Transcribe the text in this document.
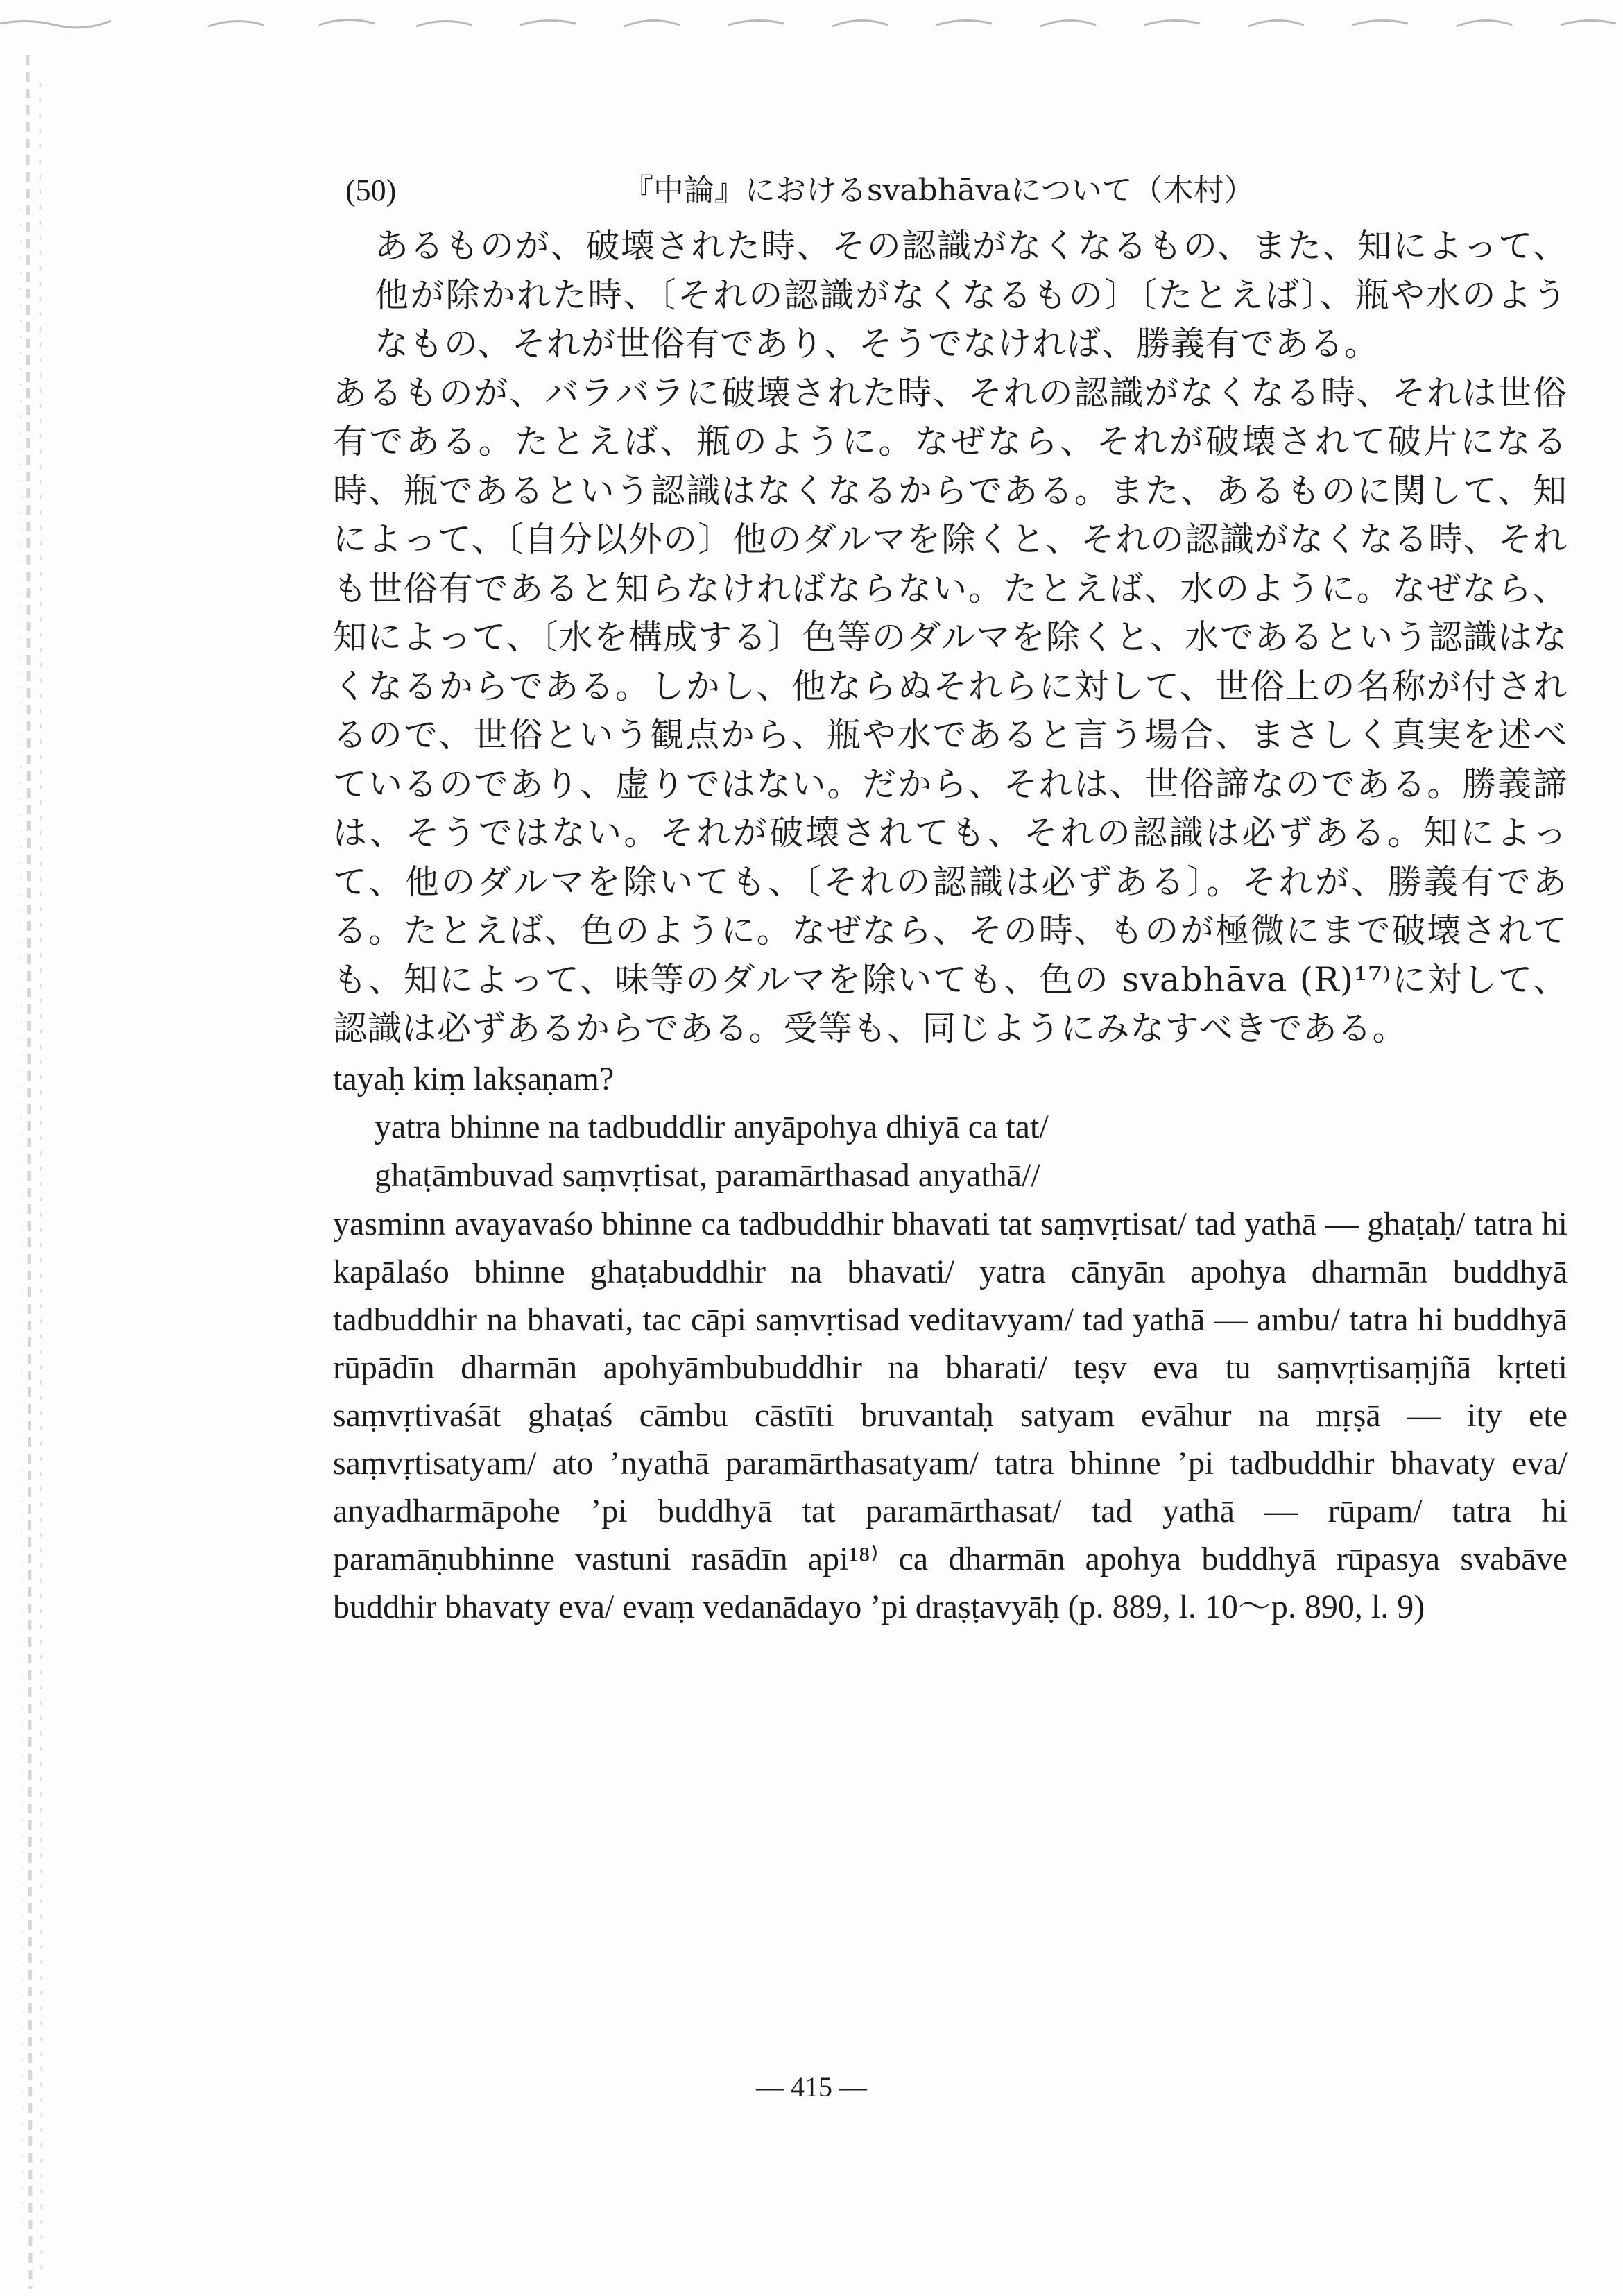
(50)	『中論』におけるsvabhāvaについて（木村）

あるものが、破壊された時、その認識がなくなるもの、また、知によって、他が除かれた時、〔それの認識がなくなるもの〕〔たとえば〕、瓶や水のようなもの、それが世俗有であり、そうでなければ、勝義有である。

あるものが、バラバラに破壊された時、それの認識がなくなる時、それは世俗有である。たとえば、瓶のように。なぜなら、それが破壊されて破片になる時、瓶であるという認識はなくなるからである。また、あるものに関して、知によって、〔自分以外の〕他のダルマを除くと、それの認識がなくなる時、それも世俗有であると知らなければならない。たとえば、水のように。なぜなら、知によって、〔水を構成する〕色等のダルマを除くと、水であるという認識はなくなるからである。しかし、他ならぬそれらに対して、世俗上の名称が付されるので、世俗という観点から、瓶や水であると言う場合、まさしく真実を述べているのであり、虚りではない。だから、それは、世俗諦なのである。勝義諦は、そうではない。それが破壊されても、それの認識は必ずある。知によって、他のダルマを除いても、〔それの認識は必ずある〕。それが、勝義有である。たとえば、色のように。なぜなら、その時、ものが極微にまで破壊されても、知によって、味等のダルマを除いても、色の svabhāva (R)¹⁷⁾に対して、認識は必ずあるからである。受等も、同じようにみなすべきである。

tayaḥ kiṃ lakṣaṇam?

yatra bhinne na tadbuddlir anyāpohya dhiyā ca tat/

ghaṭāmbuvad saṃvṛtisat, paramārthasad anyathā//

yasminn avayavaśo bhinne ca tadbuddhir bhavati tat saṃvṛtisat/ tad yathā — ghaṭaḥ/ tatra hi kapālaśo bhinne ghaṭabuddhir na bhavati/ yatra cānyān apohya dharmān buddhyā tadbuddhir na bhavati, tac cāpi saṃvṛtisad veditavyam/ tad yathā — ambu/ tatra hi buddhyā rūpādīn dharmān apohyāmbubuddhir na bharati/ teṣv eva tu saṃvṛtisaṃjñā kṛteti saṃvṛtivaśāt ghaṭaś cāmbu cāstīti bruvantaḥ satyam evāhur na mṛṣā — ity ete saṃvṛtisatyam/ ato ’nyathā paramārthasatyam/ tatra bhinne ’pi tadbuddhir bhavaty eva/ anyadharmāpohe ’pi buddhyā tat paramārthasat/ tad yathā — rūpam/ tatra hi paramāṇubhinne vastuni rasādīn api¹⁸⁾ ca dharmān apohya buddhyā rūpasya svabāve buddhir bhavaty eva/ evaṃ vedanādayo ’pi draṣṭavyāḥ (p. 889, l. 10～p. 890, l. 9)

— 415 —
